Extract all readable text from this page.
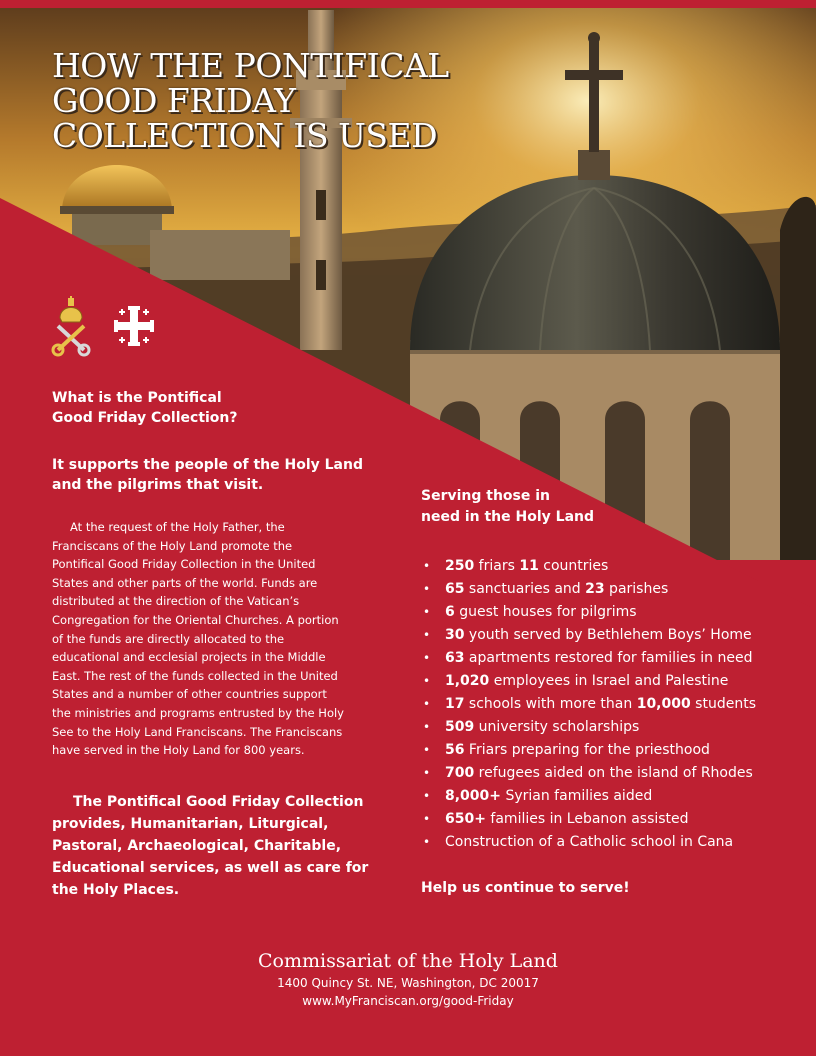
HOW THE PONTIFICAL
GOOD FRIDAY
COLLECTION IS USED
What is the Pontifical
Good Friday Collection?
It supports the people of the Holy Land
and the pilgrims that visit.

At the request of the Holy Father, the
Franciscans of the Holy Land promote the
Pontifical Good Friday Collection in the United
States and other parts of the world. Funds are
distributed at the direction of the Vatican’s
Congregation for the Oriental Churches. A portion
of the funds are directly allocated to the
educational and ecclesial projects in the Middle
East. The rest of the funds collected in the United
States and a number of other countries support
the ministries and programs entrusted by the Holy
See to the Holy Land Franciscans. The Franciscans
have served in the Holy Land for 800 years.

The Pontifical Good Friday Collection
provides, Humanitarian, Liturgical,
Pastoral, Archaeological, Charitable,
Educational services, as well as care for
the Holy Places.
Serving those in
need in the Holy Land
• 250 friars 11 countries
• 65 sanctuaries and 23 parishes
• 6 guest houses for pilgrims
• 30 youth served by Bethlehem Boys’ Home
• 63 apartments restored for families in need
• 1,020 employees in Israel and Palestine
• 17 schools with more than 10,000 students
• 509 university scholarships
• 56 Friars preparing for the priesthood
• 700 refugees aided on the island of Rhodes
• 8,000+ Syrian families aided
• 650+ families in Lebanon assisted
• Construction of a Catholic school in Cana
Help us continue to serve!
Commissariat of the Holy Land
1400 Quincy St. NE, Washington, DC 20017
www.MyFranciscan.org/good-Friday
